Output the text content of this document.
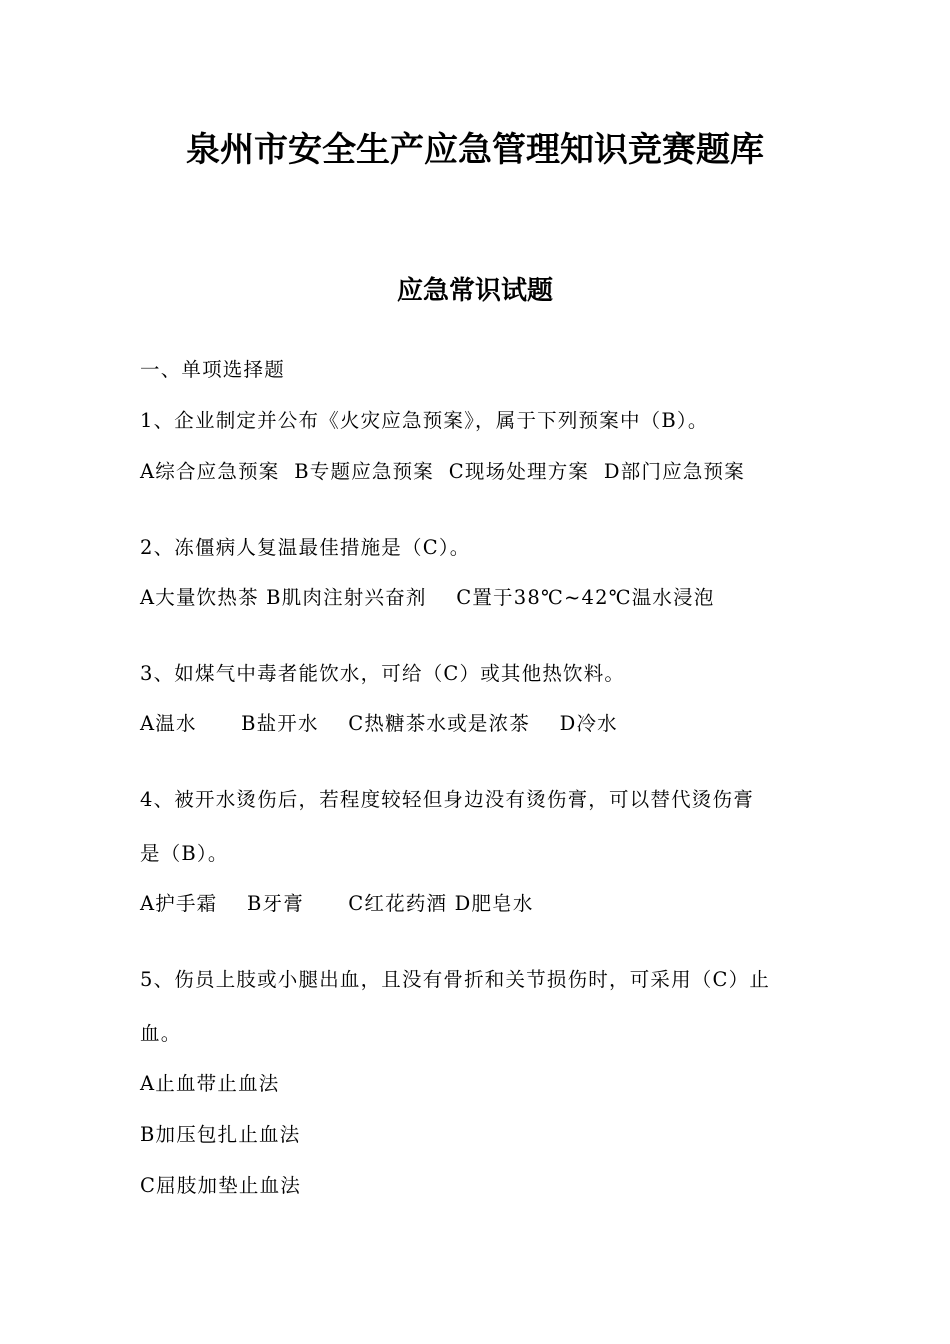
泉州市安全生产应急管理知识竞赛题库
应急常识试题

一、单项选择题

1、企业制定并公布《火灾应急预案》，属于下列预案中（B）。

A综合应急预案  B专题应急预案  C现场处理方案  D部门应急预案

2、冻僵病人复温最佳措施是（C）。

A大量饮热茶 B肌肉注射兴奋剂    C置于38℃~42℃温水浸泡

3、如煤气中毒者能饮水，可给（C）或其他热饮料。

A温水      B盐开水    C热糖茶水或是浓茶    D冷水

4、被开水烫伤后，若程度较轻但身边没有烫伤膏，可以替代烫伤膏

是（B）。

A护手霜    B牙膏      C红花药酒 D肥皂水

5、伤员上肢或小腿出血，且没有骨折和关节损伤时，可采用（C）止

血。

A止血带止血法

B加压包扎止血法

C屈肢加垫止血法
